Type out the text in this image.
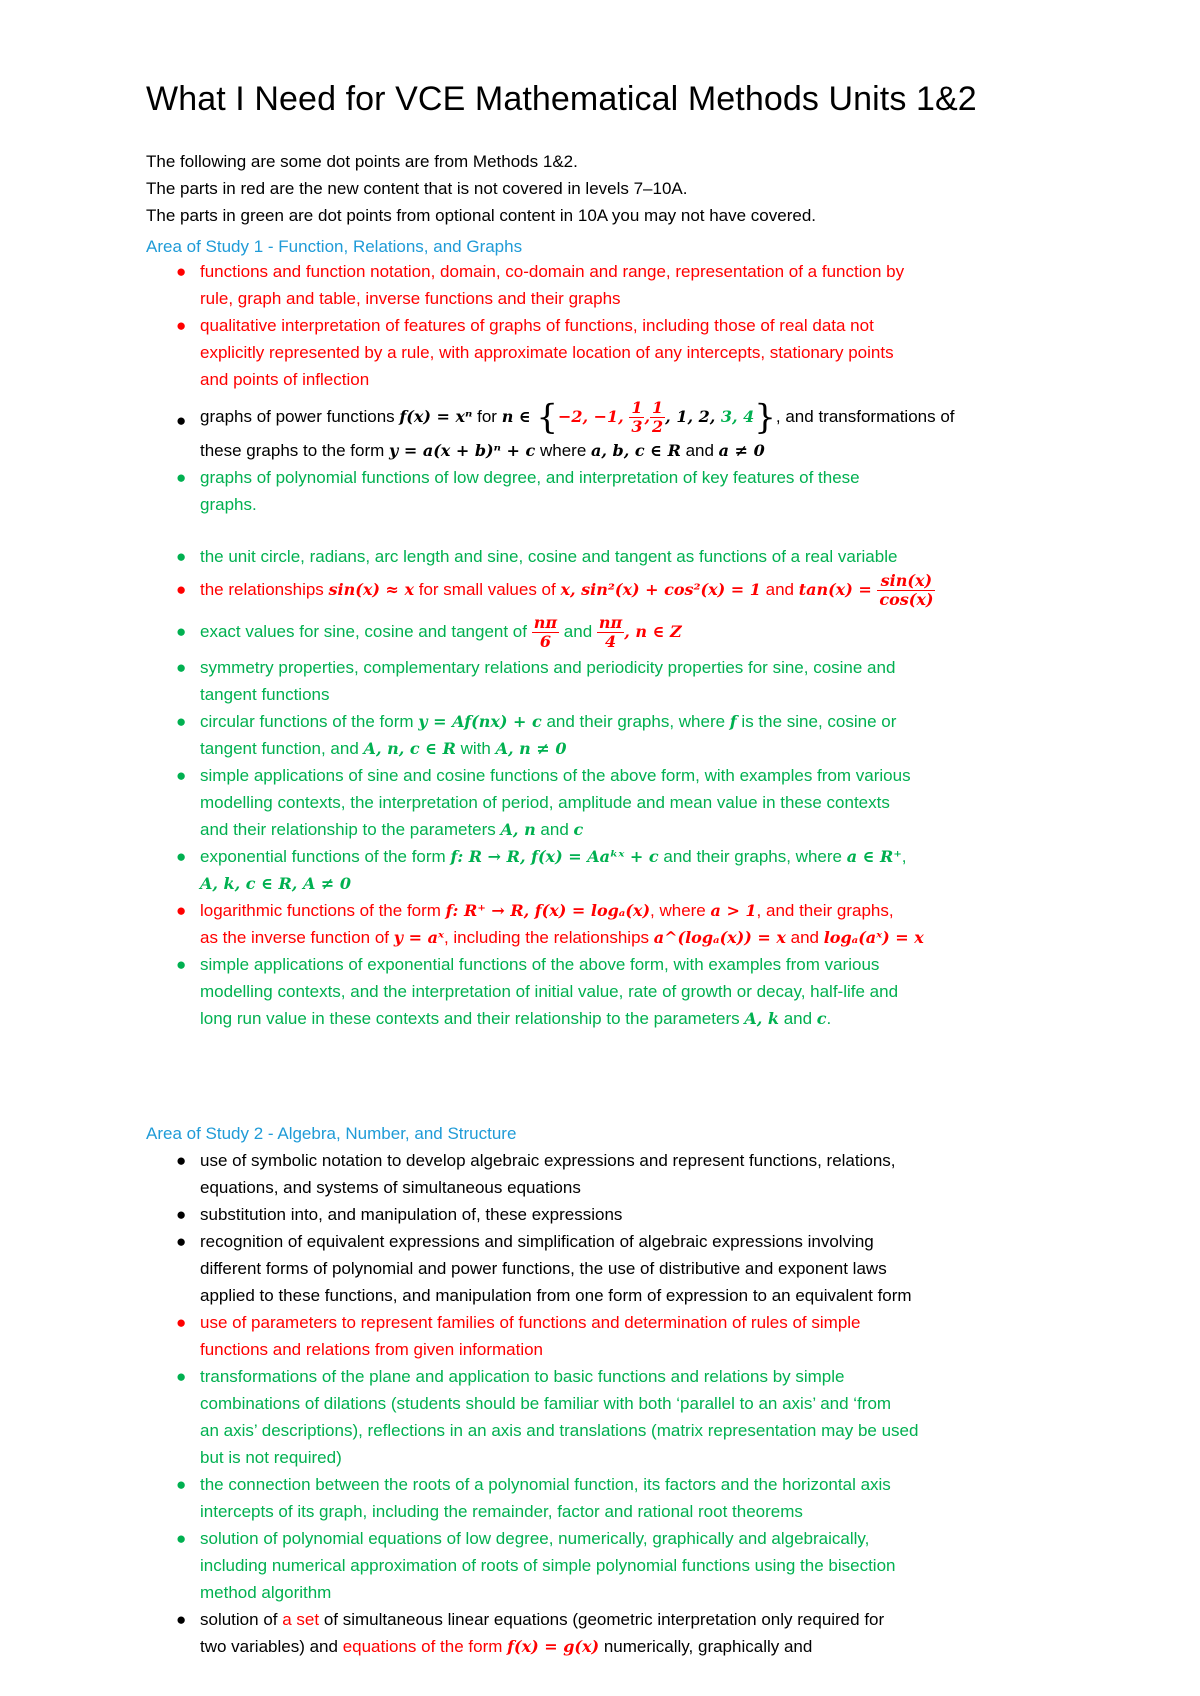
What I Need for VCE Mathematical Methods Units 1&2

The following are some dot points are from Methods 1&2.

The parts in red are the new content that is not covered in levels 7–10A.

The parts in green are dot points from optional content in 10A you may not have covered.

Area of Study 1 - Function, Relations, and Graphs
● functions and function notation, domain, co-domain and range, representation of a function by
rule, graph and table, inverse functions and their graphs
● qualitative interpretation of features of graphs of functions, including those of real data not
explicitly represented by a rule, with approximate location of any intercepts, stationary points
and points of inflection
● graphs of power functions f(x) = xⁿ for n ∈ {−2, −1, $\frac{1}{3}$ , $\frac{1}{2}$ , 1, 2, 3, 4}, and transformations of
these graphs to the form y = a(x + b)ⁿ + c where a, b, c ∈ R and a ≠ 0
● graphs of polynomial functions of low degree, and interpretation of key features of these
graphs.
● the unit circle, radians, arc length and sine, cosine and tangent as functions of a real variable
● the relationships sin(x) ≈ x for small values of x, sin²(x) + cos²(x) = 1 and $\tan(x) = \frac{\sin(x)}{\cos(x)}$
● exact values for sine, cosine and tangent of $\frac{n\pi}{6}$ and $\frac{n\pi}{4}$ , n ∈ Z
● symmetry properties, complementary relations and periodicity properties for sine, cosine and
tangent functions
● circular functions of the form y = Af(nx) + c and their graphs, where f is the sine, cosine or
tangent function, and A, n, c ∈ R with A, n ≠ 0
● simple applications of sine and cosine functions of the above form, with examples from various
modelling contexts, the interpretation of period, amplitude and mean value in these contexts
and their relationship to the parameters A, n and c
● exponential functions of the form f: R → R, f(x) = Aaᵏˣ + c and their graphs, where a ∈ R⁺,
A, k, c ∈ R, A ≠ 0
● logarithmic functions of the form f: R⁺ → R, f(x) = logₐ(x), where a > 1, and their graphs,
as the inverse function of y = aˣ, including the relationships a^(logₐ(x)) = x and logₐ(aˣ) = x
● simple applications of exponential functions of the above form, with examples from various
modelling contexts, and the interpretation of initial value, rate of growth or decay, half-life and
long run value in these contexts and their relationship to the parameters A, k and c.
Area of Study 2 - Algebra, Number, and Structure
● use of symbolic notation to develop algebraic expressions and represent functions, relations,
equations, and systems of simultaneous equations
● substitution into, and manipulation of, these expressions
● recognition of equivalent expressions and simplification of algebraic expressions involving
different forms of polynomial and power functions, the use of distributive and exponent laws
applied to these functions, and manipulation from one form of expression to an equivalent form
● use of parameters to represent families of functions and determination of rules of simple
functions and relations from given information
● transformations of the plane and application to basic functions and relations by simple
combinations of dilations (students should be familiar with both ‘parallel to an axis’ and ‘from
an axis’ descriptions), reflections in an axis and translations (matrix representation may be used
but is not required)
● the connection between the roots of a polynomial function, its factors and the horizontal axis
intercepts of its graph, including the remainder, factor and rational root theorems
● solution of polynomial equations of low degree, numerically, graphically and algebraically,
including numerical approximation of roots of simple polynomial functions using the bisection
method algorithm
● solution of a set of simultaneous linear equations (geometric interpretation only required for
two variables) and equations of the form f(x) = g(x) numerically, graphically and
